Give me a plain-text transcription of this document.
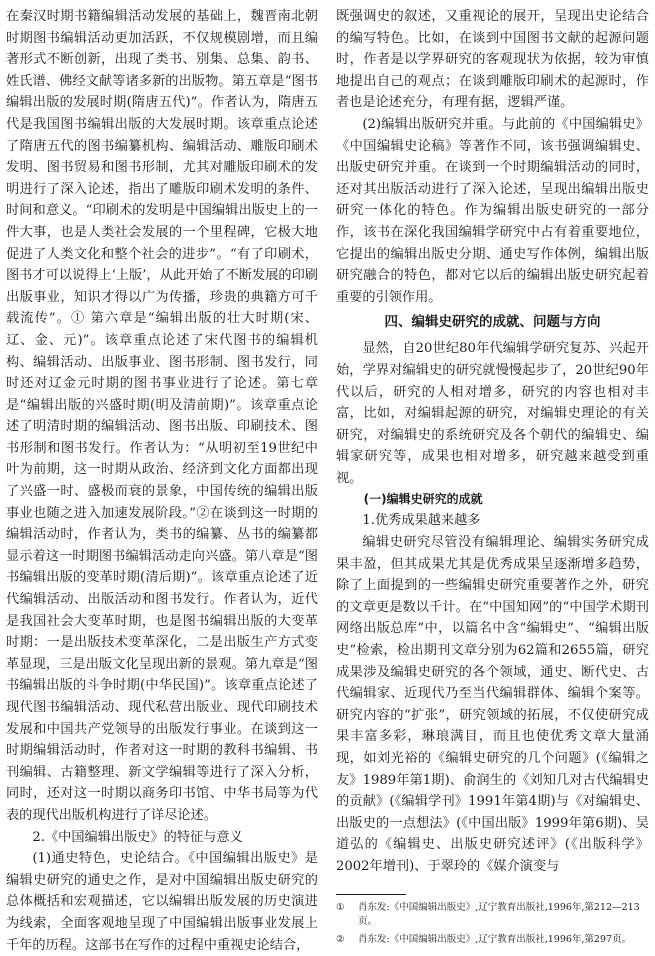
在秦汉时期书籍编辑活动发展的基础上，魏晋南北朝时期图书编辑活动更加活跃，不仅规模剧增，而且编著形式不断创新，出现了类书、别集、总集、韵书、姓氏谱、佛经文献等诸多新的出版物。第五章是“图书编辑出版的发展时期(隋唐五代)”。作者认为，隋唐五代是我国图书编辑出版的大发展时期。该章重点论述了隋唐五代的图书编纂机构、编辑活动、雕版印刷术发明、图书贸易和图书形制，尤其对雕版印刷术的发明进行了深入论述，指出了雕版印刷术发明的条件、时间和意义。“印刷术的发明是中国编辑出版史上的一件大事，也是人类社会发展的一个里程碑，它极大地促进了人类文化和整个社会的进步”。“有了印刷术，图书才可以说得上‘上版’，从此开始了不断发展的印刷出版事业，知识才得以广为传播，珍贵的典籍方可千载流传”。① 第六章是“编辑出版的壮大时期(宋、辽、金、元)”。该章重点论述了宋代图书的编辑机构、编辑活动、出版事业、图书形制、图书发行，同时还对辽金元时期的图书事业进行了论述。第七章是“编辑出版的兴盛时期(明及清前期)”。该章重点论述了明清时期的编辑活动、图书出版、印刷技术、图书形制和图书发行。作者认为：“从明初至19世纪中叶为前期，这一时期从政治、经济到文化方面都出现了兴盛一时、盛极而衰的景象，中国传统的编辑出版事业也随之进入加速发展阶段。”②在谈到这一时期的编辑活动时，作者认为，类书的编纂、丛书的编纂都显示着这一时期图书编辑活动走向兴盛。第八章是“图书编辑出版的变革时期(清后期)”。该章重点论述了近代编辑活动、出版活动和图书发行。作者认为，近代是我国社会大变革时期，也是图书编辑出版的大变革时期：一是出版技术变革深化，二是出版生产方式变革显现，三是出版文化呈现出新的景观。第九章是“图书编辑出版的斗争时期(中华民国)”。该章重点论述了现代图书编辑活动、现代私营出版业、现代印刷技术发展和中国共产党领导的出版发行事业。在谈到这一时期编辑活动时，作者对这一时期的教科书编辑、书刊编辑、古籍整理、新文学编辑等进行了深入分析，同时，还对这一时期以商务印书馆、中华书局等为代表的现代出版机构进行了详尽论述。

2.《中国编辑出版史》的特征与意义

(1)通史特色，史论结合。《中国编辑出版史》是编辑史研究的通史之作，是对中国编辑出版史研究的总体概括和宏观描述，它以编辑出版发展的历史演进为线索，全面客观地呈现了中国编辑出版事业发展上千年的历程。这部书在写作的过程中重视史论结合，

既强调史的叙述，又重视论的展开，呈现出史论结合的编写特色。比如，在谈到中国图书文献的起源问题时，作者是以学界研究的客观现状为依据，较为审慎地提出自己的观点；在谈到雕版印刷术的起源时，作者也是论述充分，有理有据，逻辑严谨。

(2)编辑出版研究并重。与此前的《中国编辑史》《中国编辑史论稿》等著作不同，该书强调编辑史、出版史研究并重。在谈到一个时期编辑活动的同时，还对其出版活动进行了深入论述，呈现出编辑出版史研究一体化的特色。作为编辑出版史研究的一部分作，该书在深化我国编辑学研究中占有着重要地位，它提出的编辑出版史分期、通史写作体例，编辑出版研究融合的特色，都对它以后的编辑出版史研究起着重要的引领作用。

四、编辑史研究的成就、问题与方向

显然，自20世纪80年代编辑学研究复苏、兴起开始，学界对编辑史的研究就慢慢起步了，20世纪90年代以后，研究的人相对增多，研究的内容也相对丰富，比如，对编辑起源的研究，对编辑史理论的有关研究，对编辑史的系统研究及各个朝代的编辑史、编辑家研究等，成果也相对增多，研究越来越受到重视。

(一)编辑史研究的成就

1.优秀成果越来越多

编辑史研究尽管没有编辑理论、编辑实务研究成果丰盈，但其成果尤其是优秀成果呈逐渐增多趋势，除了上面提到的一些编辑史研究重要著作之外，研究的文章更是数以千计。在“中国知网”的“中国学术期刊网络出版总库”中，以篇名中含“编辑史”、“编辑出版史”检索，检出期刊文章分别为62篇和2655篇，研究成果涉及编辑史研究的各个领域，通史、断代史、古代编辑家、近现代乃至当代编辑群体、编辑个案等。研究内容的“扩张”，研究领域的拓展，不仅使研究成果丰富多彩，琳琅满目，而且也使优秀文章大量涌现，如刘光裕的《编辑史研究的几个问题》(《编辑之友》1989年第1期)、俞润生的《刘知几对古代编辑史的贡献》(《编辑学刊》1991年第4期)与《对编辑史、出版史的一点想法》(《中国出版》1999年第6期)、吴道弘的《编辑史、出版史研究述评》(《出版科学》2002年增刊)、于翠玲的《媒介演变与

①	肖东发:《中国编辑出版史》,辽宁教育出版社,1996年,第212—213页。
②	肖东发:《中国编辑出版史》,辽宁教育出版社,1996年,第297页。
